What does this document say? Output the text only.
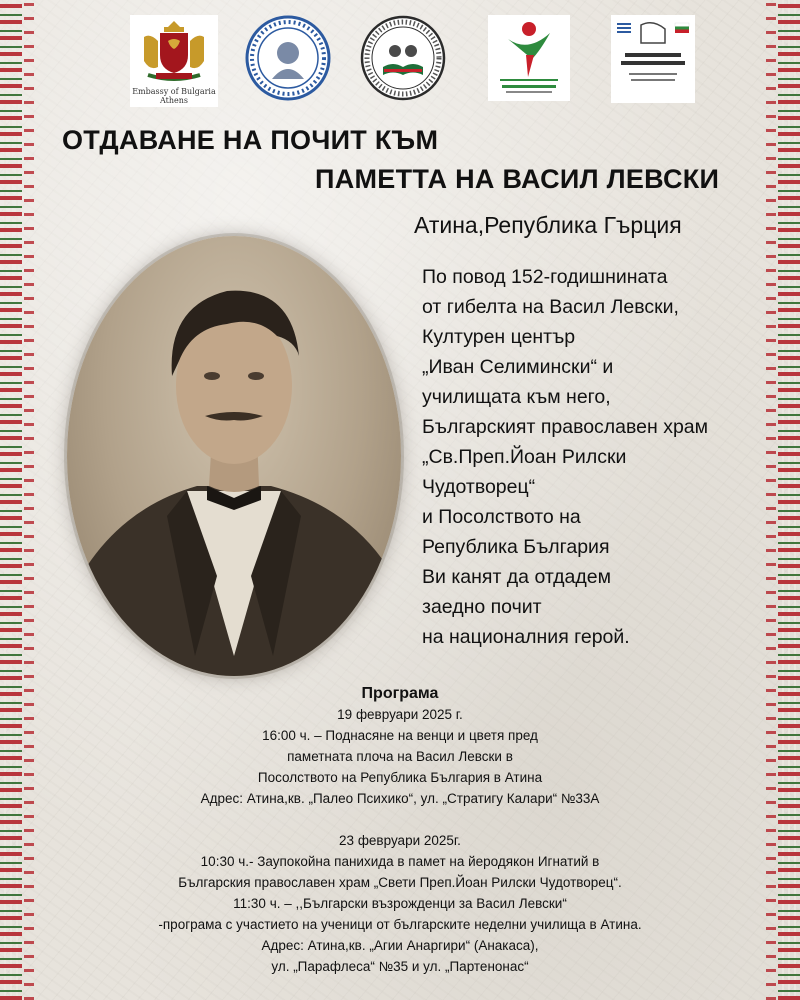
Embassy of Bulgaria
Athens
ОТДАВАНЕ НА ПОЧИТ КЪМ
ПАМЕТТА НА ВАСИЛ ЛЕВСКИ
Атина,Република Гърция
По повод 152-годишнината
от гибелта на Васил Левски,
Културен център
„Иван Селимински“ и
училищата към него,
Българският православен храм
„Св.Преп.Йоан Рилски
Чудотворец“
и Посолството на
Република България
Ви канят да отдадем
заедно почит
на националния герой.

Програма

19 февруари 2025 г.

16:00 ч. – Поднасяне на венци и цветя пред

паметната плоча на Васил Левски в

Посолството на Република България в Атина

Адрес: Атина,кв. „Палео Психико“, ул. „Стратигу Калари“ №33А

23 февруари 2025г.

10:30 ч.- Заупокойна панихида в памет на йеродякон Игнатий в

Българския православен храм „Свети Преп.Йоан Рилски Чудотворец“.

11:30 ч. – ,,Български възрожденци за Васил Левски“

-програма с участието на ученици от българските неделни училища в Атина.

Адрес: Атина,кв. „Агии Анаргири“ (Анакаса),

ул. „Парафлеса“ №35 и ул. „Партенонас“
